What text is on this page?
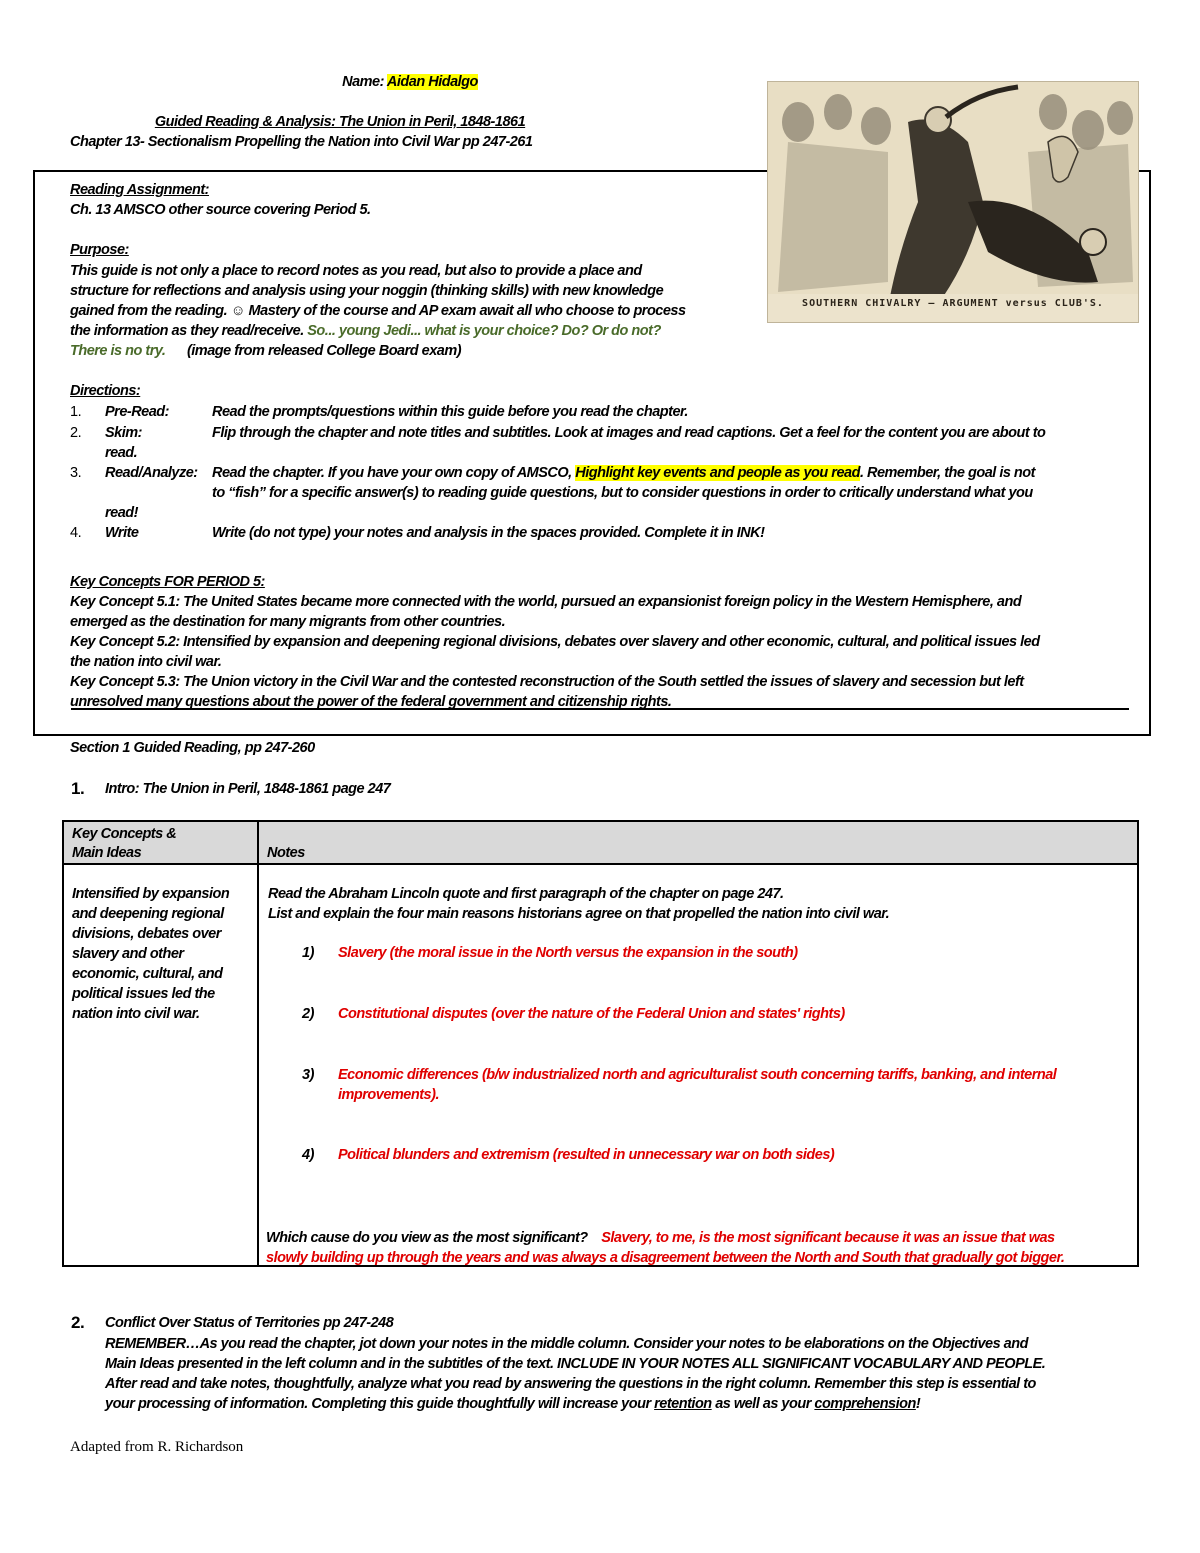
Name: Aidan Hidalgo
Guided Reading & Analysis: The Union in Peril, 1848-1861
Chapter 13- Sectionalism Propelling the Nation into Civil War pp 247-261
SOUTHERN CHIVALRY — ARGUMENT versus CLUB'S.
Reading Assignment:
Ch. 13 AMSCO other source covering Period 5.
Purpose:
This guide is not only a place to record notes as you read, but also to provide a place and
structure for reflections and analysis using your noggin (thinking skills) with new knowledge
gained from the reading. ☺ Mastery of the course and AP exam await all who choose to process
the information as they read/receive. So... young Jedi... what is your choice? Do? Or do not?
There is no try. (image from released College Board exam)
Directions:
1. Pre-Read:	Read the prompts/questions within this guide before you read the chapter.
2. Skim:	Flip through the chapter and note titles and subtitles. Look at images and read captions. Get a feel for the content you are about to
read.
3. Read/Analyze: Read the chapter. If you have your own copy of AMSCO, Highlight key events and people as you read. Remember, the goal is not
to “fish” for a specific answer(s) to reading guide questions, but to consider questions in order to critically understand what you
read!
4. Write	Write (do not type) your notes and analysis in the spaces provided. Complete it in INK!
Key Concepts FOR PERIOD 5:
Key Concept 5.1: The United States became more connected with the world, pursued an expansionist foreign policy in the Western Hemisphere, and
emerged as the destination for many migrants from other countries.
Key Concept 5.2: Intensified by expansion and deepening regional divisions, debates over slavery and other economic, cultural, and political issues led
the nation into civil war.
Key Concept 5.3: The Union victory in the Civil War and the contested reconstruction of the South settled the issues of slavery and secession but left
unresolved many questions about the power of the federal government and citizenship rights.
Section 1 Guided Reading, pp 247-260
1. Intro: The Union in Peril, 1848-1861 page 247
Key Concepts &
Main Ideas	Notes
Intensified by expansion
and deepening regional
divisions, debates over
slavery and other
economic, cultural, and
political issues led the
nation into civil war.
Read the Abraham Lincoln quote and first paragraph of the chapter on page 247.
List and explain the four main reasons historians agree on that propelled the nation into civil war.
1) Slavery (the moral issue in the North versus the expansion in the south)
2) Constitutional disputes (over the nature of the Federal Union and states' rights)
3) Economic differences (b/w industrialized north and agriculturalist south concerning tariffs, banking, and internal
improvements).
4) Political blunders and extremism (resulted in unnecessary war on both sides)
Which cause do you view as the most significant? Slavery, to me, is the most significant because it was an issue that was
slowly building up through the years and was always a disagreement between the North and South that gradually got bigger.
2. Conflict Over Status of Territories pp 247-248
REMEMBER…As you read the chapter, jot down your notes in the middle column. Consider your notes to be elaborations on the Objectives and
Main Ideas presented in the left column and in the subtitles of the text. INCLUDE IN YOUR NOTES ALL SIGNIFICANT VOCABULARY AND PEOPLE.
After read and take notes, thoughtfully, analyze what you read by answering the questions in the right column. Remember this step is essential to
your processing of information. Completing this guide thoughtfully will increase your retention as well as your comprehension!
Adapted from R. Richardson
